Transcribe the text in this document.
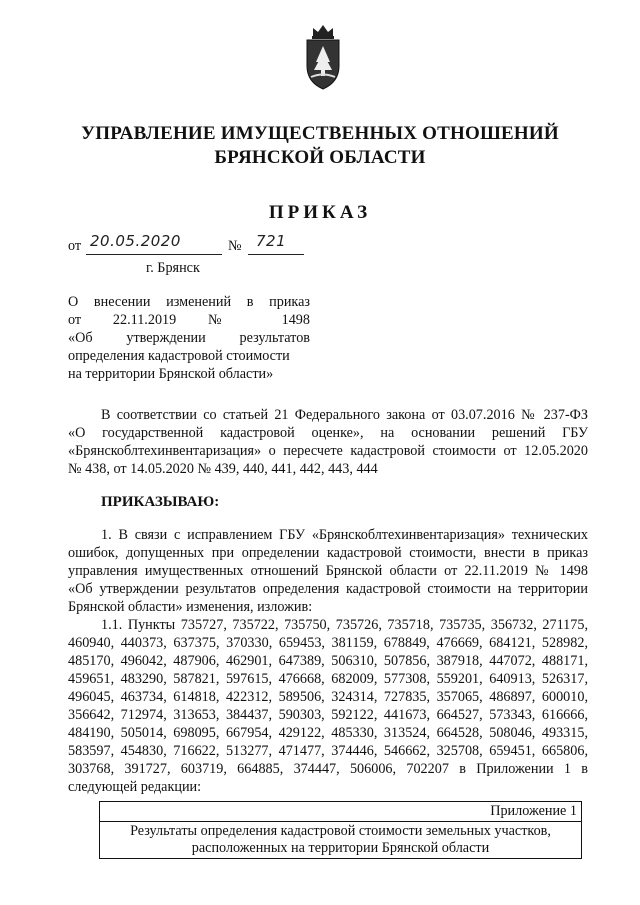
УПРАВЛЕНИЕ ИМУЩЕСТВЕННЫХ ОТНОШЕНИЙ
БРЯНСКОЙ ОБЛАСТИ
ПРИКАЗ
от 20.05.2020	№ 721
г. Брянск
О внесении изменений в приказ
от 22.11.2019 № 1498
«Об утверждении результатов
определения кадастровой стоимости
на территории Брянской области»
В соответствии со статьей 21 Федерального закона от 03.07.2016 № 237-ФЗ
«О государственной кадастровой оценке», на основании решений ГБУ
«Брянскоблтехинвентаризация» о пересчете кадастровой стоимости от 12.05.2020
№ 438, от 14.05.2020 № 439, 440, 441, 442, 443, 444
ПРИКАЗЫВАЮ:
1. В связи с исправлением ГБУ «Брянскоблтехинвентаризация» технических
ошибок, допущенных при определении кадастровой стоимости, внести в приказ
управления имущественных отношений Брянской области от 22.11.2019 № 1498
«Об утверждении результатов определения кадастровой стоимости на территории
Брянской области» изменения, изложив:
1.1. Пункты 735727, 735722, 735750, 735726, 735718, 735735, 356732, 271175,
460940, 440373, 637375, 370330, 659453, 381159, 678849, 476669, 684121, 528982,
485170, 496042, 487906, 462901, 647389, 506310, 507856, 387918, 447072, 488171,
459651, 483290, 587821, 597615, 476668, 682009, 577308, 559201, 640913, 526317,
496045, 463734, 614818, 422312, 589506, 324314, 727835, 357065, 486897, 600010,
356642, 712974, 313653, 384437, 590303, 592122, 441673, 664527, 573343, 616666,
484190, 505014, 698095, 667954, 429122, 485330, 313524, 664528, 508046, 493315,
583597, 454830, 716622, 513277, 471477, 374446, 546662, 325708, 659451, 665806,
303768, 391727, 603719, 664885, 374447, 506006, 702207 в Приложении 1 в
следующей редакции:
Приложение 1
Результаты определения кадастровой стоимости земельных участков,
расположенных на территории Брянской области
